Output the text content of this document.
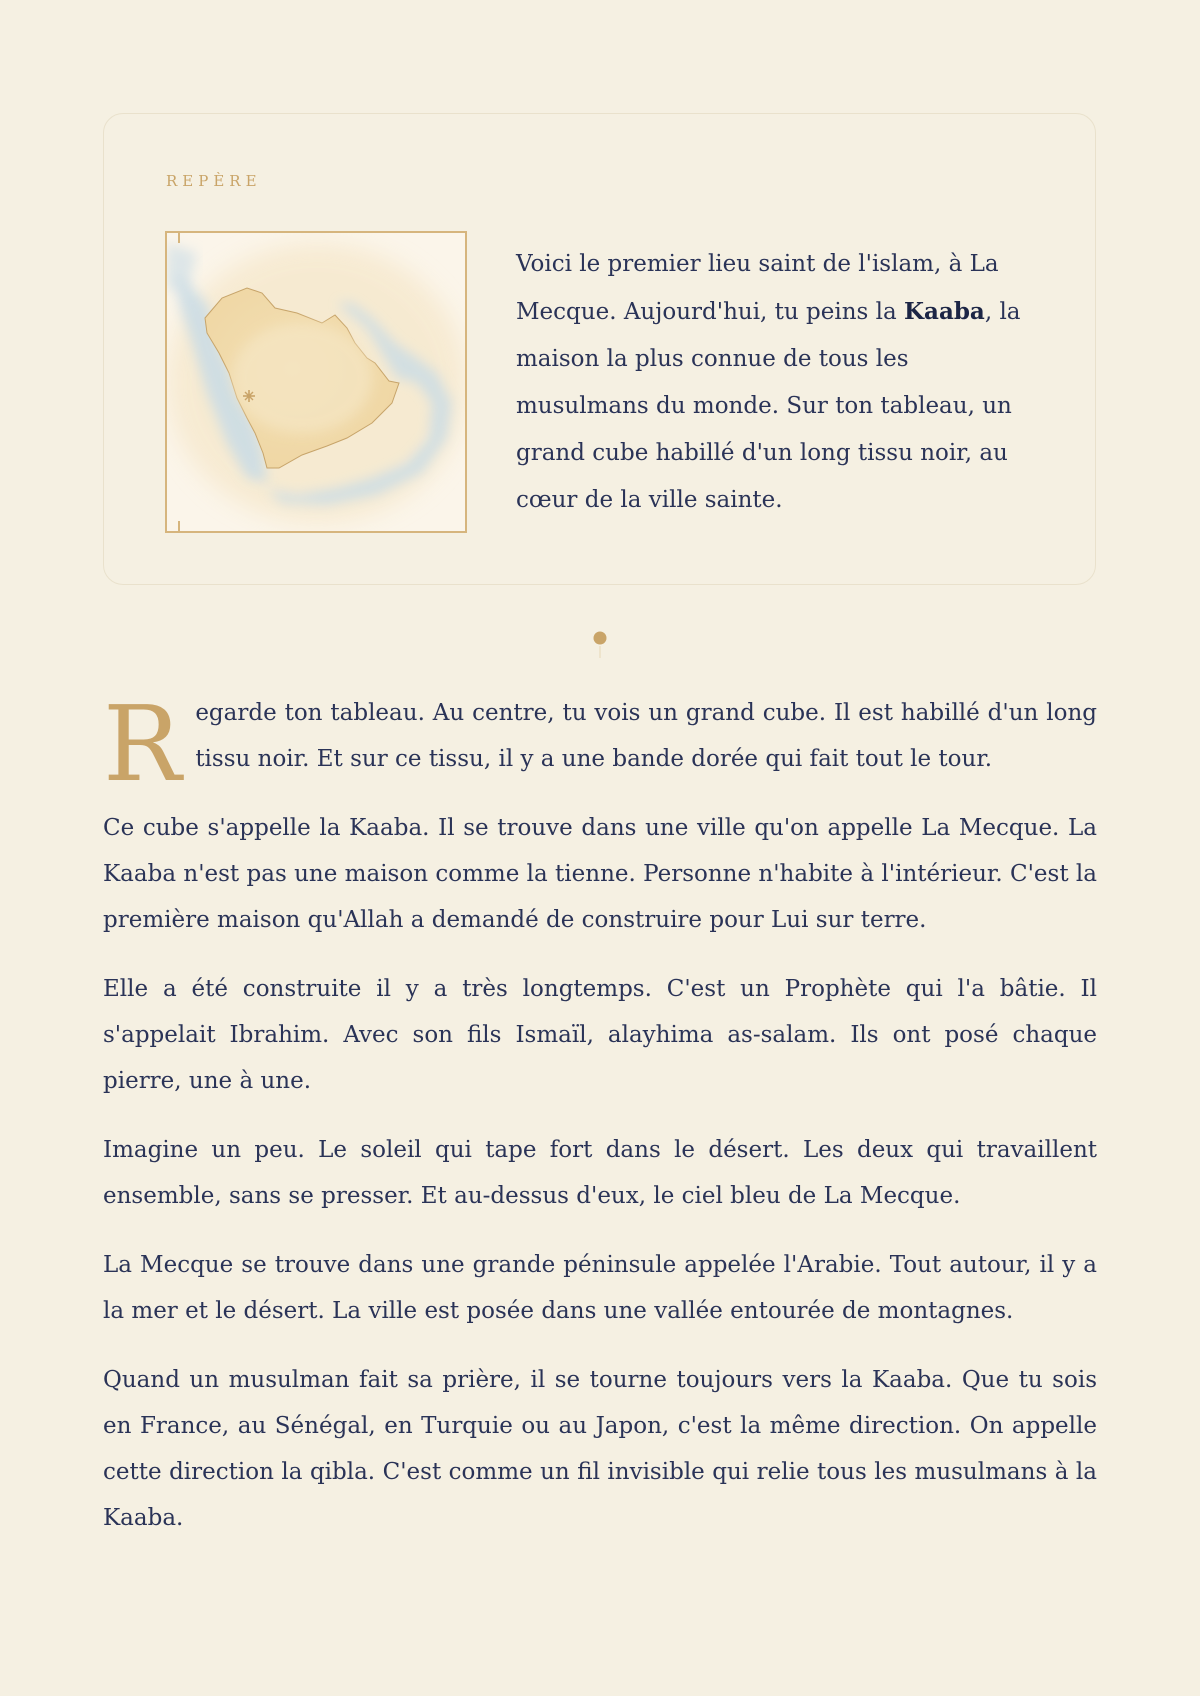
REPÈRE
Voici le premier lieu saint de l'islam, à La Mecque. Aujourd'hui, tu peins la Kaaba, la maison la plus connue de tous les musulmans du monde. Sur ton tableau, un grand cube habillé d'un long tissu noir, au cœur de la ville sainte.

Regarde ton tableau. Au centre, tu vois un grand cube. Il est habillé d'un long tissu noir. Et sur ce tissu, il y a une bande dorée qui fait tout le tour.

Ce cube s'appelle la Kaaba. Il se trouve dans une ville qu'on appelle La Mecque. La Kaaba n'est pas une maison comme la tienne. Personne n'habite à l'intérieur. C'est la première maison qu'Allah a demandé de construire pour Lui sur terre.

Elle a été construite il y a très longtemps. C'est un Prophète qui l'a bâtie. Il s'appelait Ibrahim. Avec son fils Ismaïl, alayhima as-salam. Ils ont posé chaque pierre, une à une.

Imagine un peu. Le soleil qui tape fort dans le désert. Les deux qui travaillent ensemble, sans se presser. Et au-dessus d'eux, le ciel bleu de La Mecque.

La Mecque se trouve dans une grande péninsule appelée l'Arabie. Tout autour, il y a la mer et le désert. La ville est posée dans une vallée entourée de montagnes.

Quand un musulman fait sa prière, il se tourne toujours vers la Kaaba. Que tu sois en France, au Sénégal, en Turquie ou au Japon, c'est la même direction. On appelle cette direction la qibla. C'est comme un fil invisible qui relie tous les musulmans à la Kaaba.
